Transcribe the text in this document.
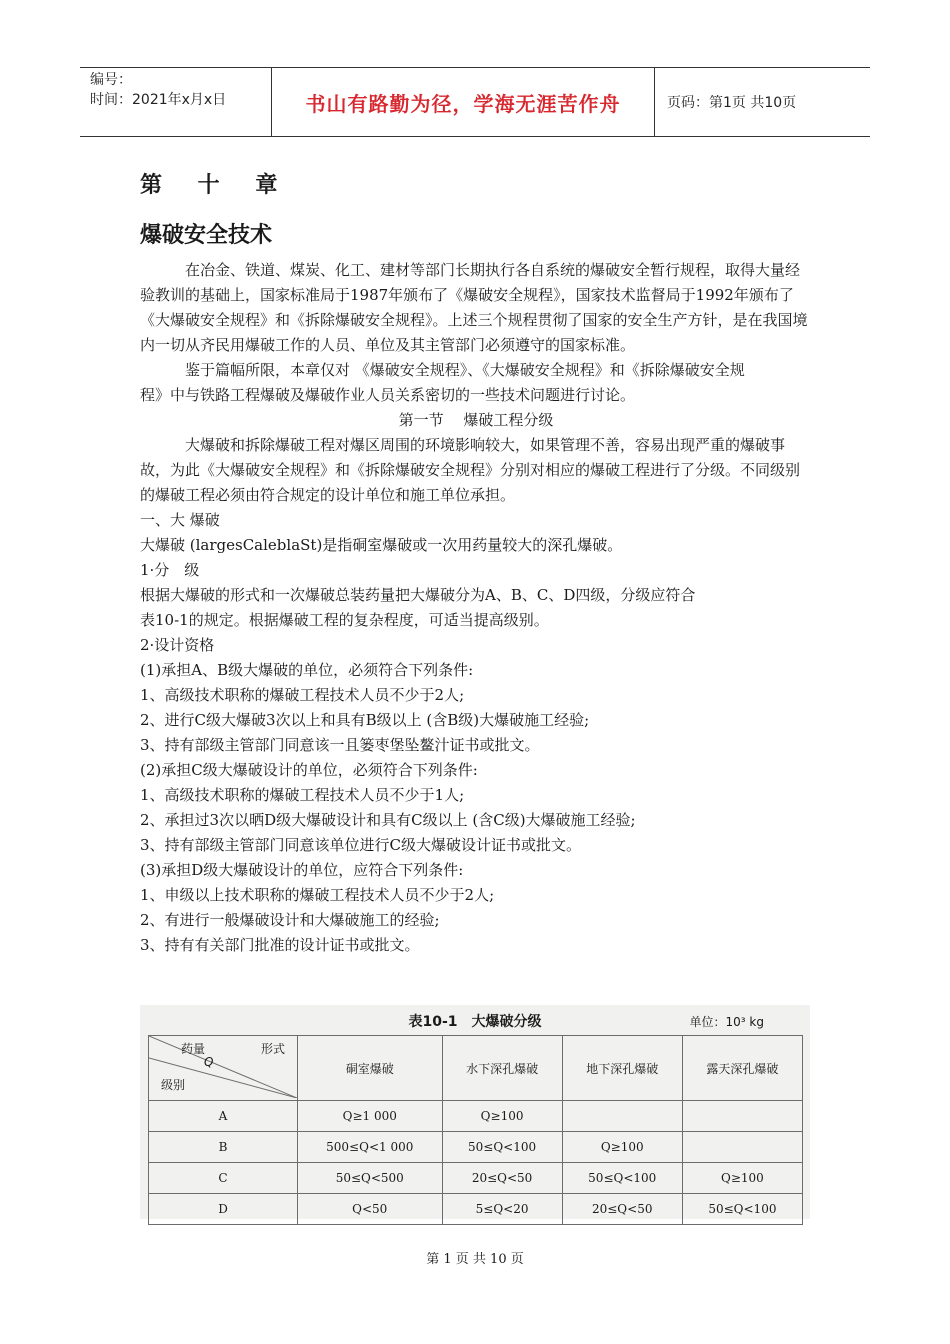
编号：
时间：2021年x月x日	书山有路勤为径，学海无涯苦作舟	页码：第1页 共10页
第 十 章
爆破安全技术

在冶金、铁道、煤炭、化工、建材等部门长期执行各自系统的爆破安全暂行规程，取得大量经验教训的基础上，国家标准局于1987年颁布了《爆破安全规程》，国家技术监督局于1992年颁布了《大爆破安全规程》和《拆除爆破安全规程》。上述三个规程贯彻了国家的安全生产方针，是在我国境内一切从齐民用爆破工作的人员、单位及其主管部门必须遵守的国家标准。

鉴于篇幅所限，本章仅对 《爆破安全规程》、《大爆破安全规程》和《拆除爆破安全规

程》中与铁路工程爆破及爆破作业人员关系密切的一些技术问题进行讨论。

第一节　 爆破工程分级

大爆破和拆除爆破工程对爆区周围的环境影响较大，如果管理不善，容易出现严重的爆破事故，为此《大爆破安全规程》和《拆除爆破安全规程》分别对相应的爆破工程进行了分级。不同级别的爆破工程必须由符合规定的设计单位和施工单位承担。

一、大 爆破

大爆破 (largesCaleblaSt)是指硐室爆破或一次用药量较大的深孔爆破。

1·分　级

根据大爆破的形式和一次爆破总装药量把大爆破分为A、B、C、D四级，分级应符合

表10-1的规定。根据爆破工程的复杂程度，可适当提高级别。

2·设计资格

(1)承担A、B级大爆破的单位，必须符合下列条件:

1、高级技术职称的爆破工程技术人员不少于2人;

2、进行C级大爆破3次以上和具有B级以上 (含B级)大爆破施工经验;

3、持有部级主管部门同意该一且篓枣堡坠鳌汁证书或批文。

(2)承担C级大爆破设计的单位，必须符合下列条件:

1、高级技术职称的爆破工程技术人员不少于1人;

2、承担过3次以晒D级大爆破设计和具有C级以上 (含C级)大爆破施工经验;

3、持有部级主管部门同意该单位进行C级大爆破设计证书或批文。

(3)承担D级大爆破设计的单位，应符合下列条件:

1、申级以上技术职称的爆破工程技术人员不少于2人;

2、有进行一般爆破设计和大爆破施工的经验;

3、持有有关部门批准的设计证书或批文。

表10-1　大爆破分级	单位：10³ kg
形式
药量
Q
级别	硐室爆破	水下深孔爆破	地下深孔爆破	露天深孔爆破
A	Q≥1 000	Q≥100		
B	500≤Q<1 000	50≤Q<100	Q≥100	
C	50≤Q<500	20≤Q<50	50≤Q<100	Q≥100
D	Q<50	5≤Q<20	20≤Q<50	50≤Q<100
第 1 页 共 10 页
